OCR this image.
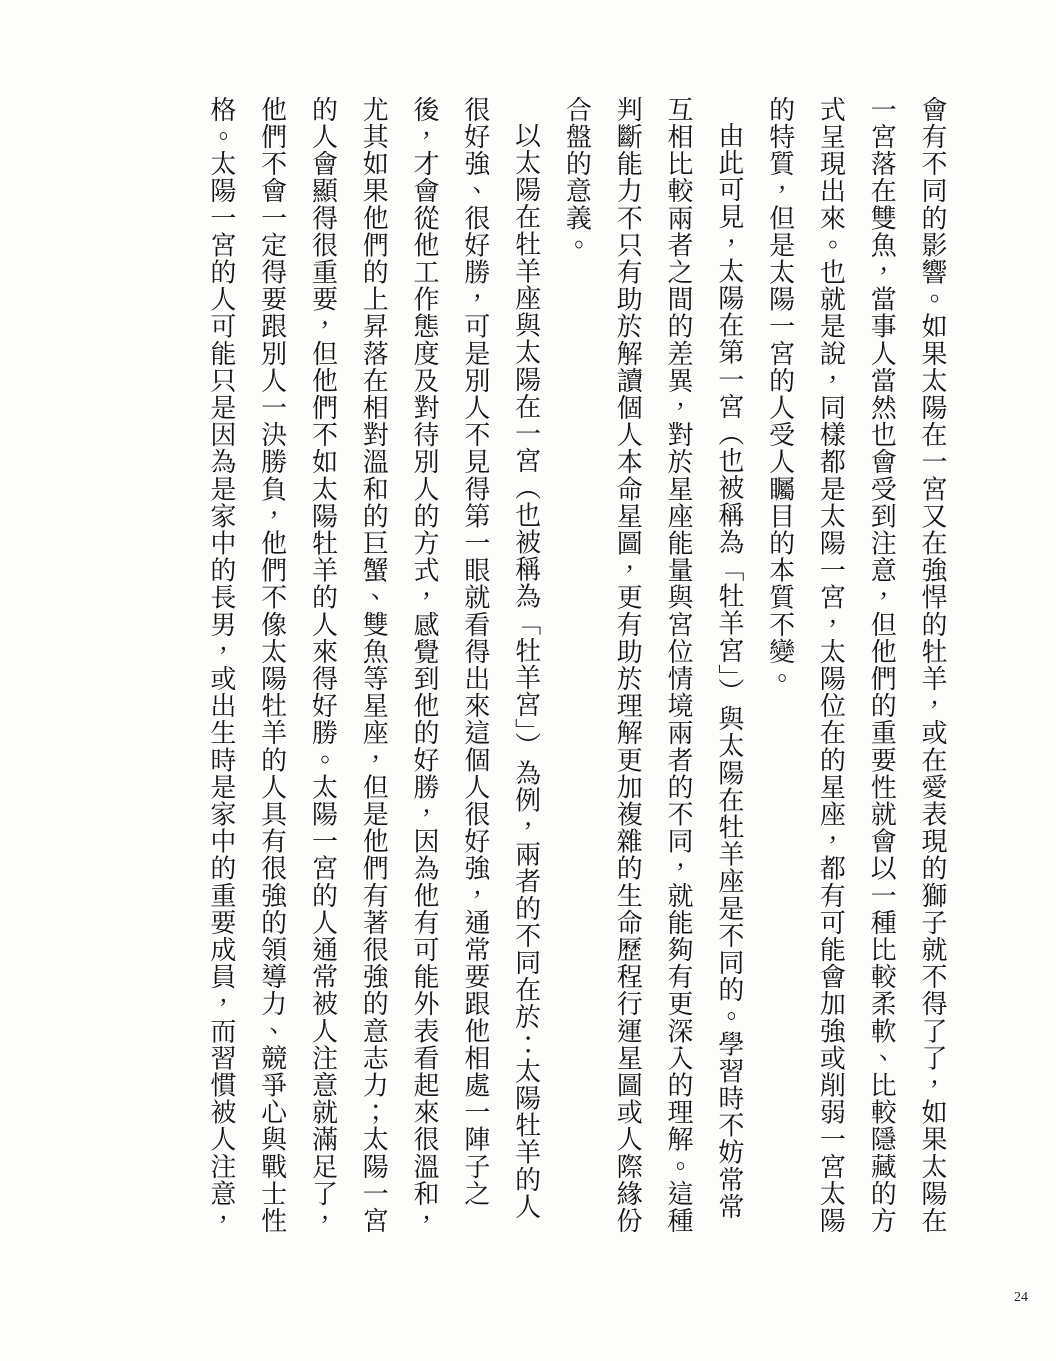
會有不同的影響。如果太陽在一宮又在強悍的牡羊，或在愛表現的獅子就不得了了，如果太陽在一宮落在雙魚，當事人當然也會受到注意，但他們的重要性就會以一種比較柔軟、比較隱藏的方式呈現出來。也就是說，同樣都是太陽一宮，太陽位在的星座，都有可能會加強或削弱一宮太陽的特質，但是太陽一宮的人受人矚目的本質不變。

由此可見，太陽在第一宮（也被稱為「牡羊宮」）與太陽在牡羊座是不同的。學習時不妨常常互相比較兩者之間的差異，對於星座能量與宮位情境兩者的不同，就能夠有更深入的理解。這種判斷能力不只有助於解讀個人本命星圖，更有助於理解更加複雜的生命歷程行運星圖或人際緣份合盤的意義。

以太陽在牡羊座與太陽在一宮（也被稱為「牡羊宮」）為例，兩者的不同在於：太陽牡羊的人很好強、很好勝，可是別人不見得第一眼就看得出來這個人很好強，通常要跟他相處一陣子之後，才會從他工作態度及對待別人的方式，感覺到他的好勝，因為他有可能外表看起來很溫和，尤其如果他們的上昇落在相對溫和的巨蟹、雙魚等星座，但是他們有著很強的意志力；太陽一宮的人會顯得很重要，但他們不如太陽牡羊的人來得好勝。太陽一宮的人通常被人注意就滿足了，他們不會一定得要跟別人一決勝負，他們不像太陽牡羊的人具有很強的領導力、競爭心與戰士性格。太陽一宮的人可能只是因為是家中的長男，或出生時是家中的重要成員，而習慣被人注意，

24
